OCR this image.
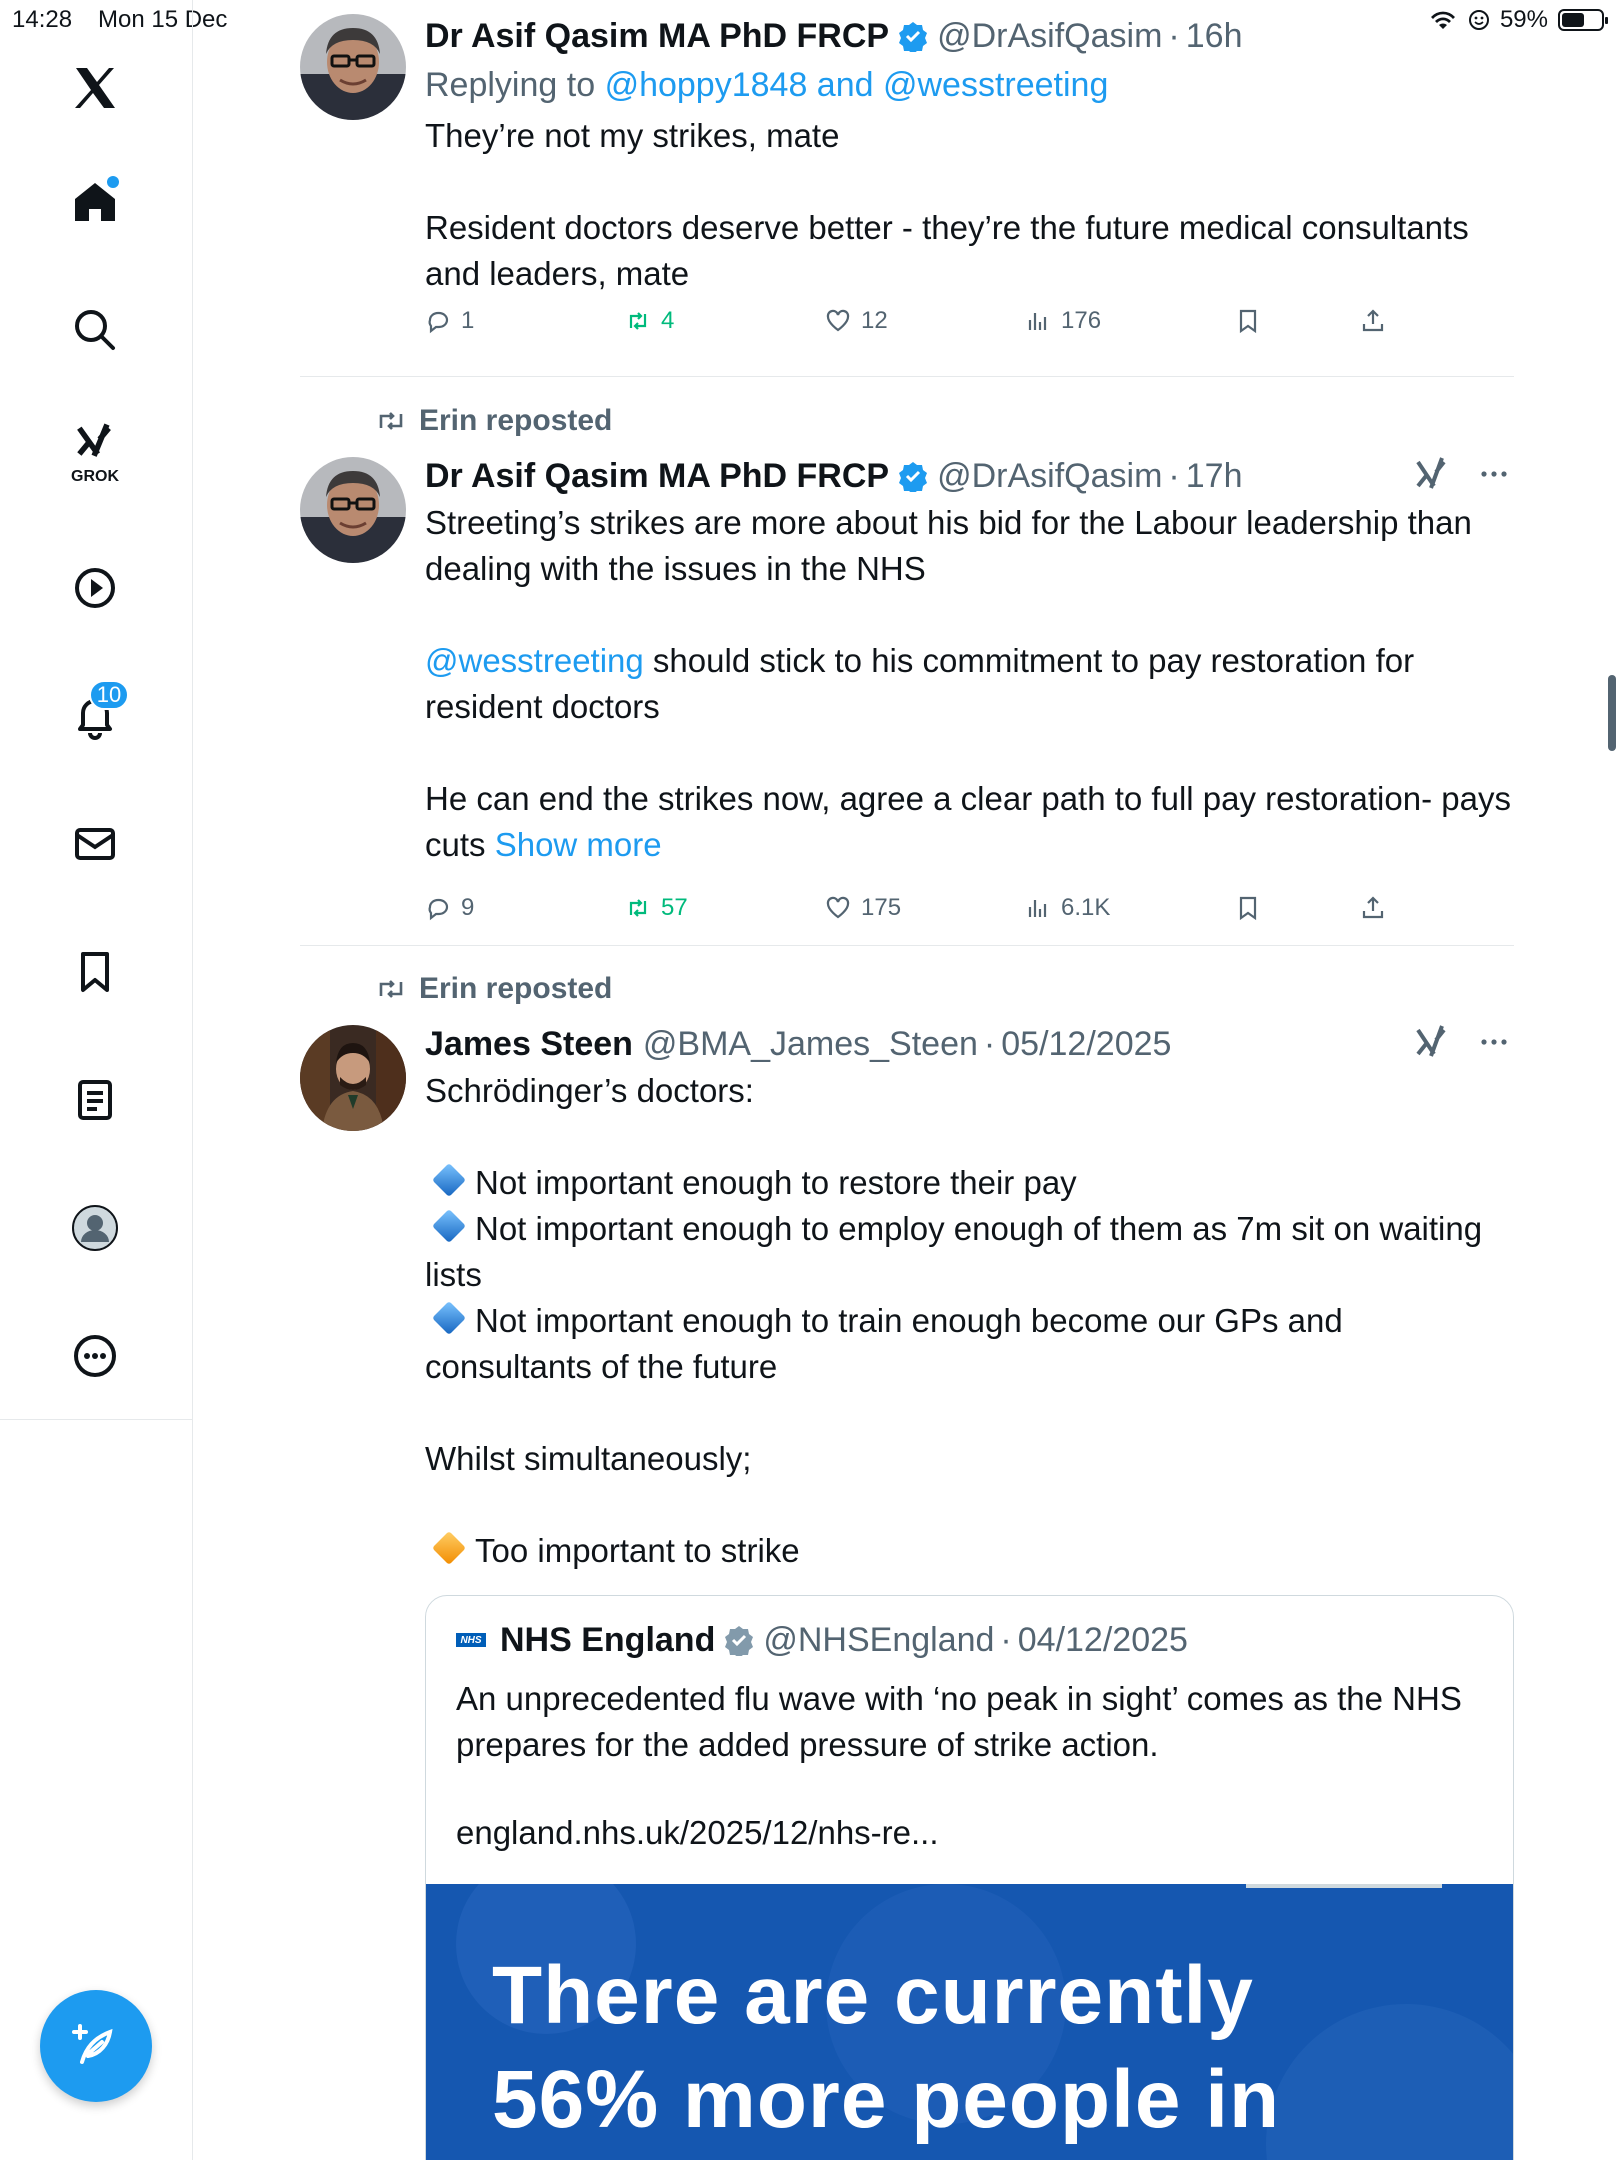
14:28 Mon 15 Dec	59%
GROK
10
Dr Asif Qasim MA PhD FRCP @DrAsifQasim · 16h
Replying to @hoppy1848 and @wesstreeting

They’re not my strikes, mate

Resident doctors deserve better - they’re the future medical consultants and leaders, mate

1	4	12	176
Erin reposted
Dr Asif Qasim MA PhD FRCP @DrAsifQasim · 17h

Streeting’s strikes are more about his bid for the Labour leadership than dealing with the issues in the NHS

@wesstreeting should stick to his commitment to pay restoration for resident doctors

He can end the strikes now, agree a clear path to full pay restoration- pays cuts Show more

9	57	175	6.1K
Erin reposted
James Steen @BMA_James_Steen · 05/12/2025

Schrödinger’s doctors:

Not important enough to restore their pay

Not important enough to employ enough of them as 7m sit on waiting lists

Not important enough to train enough become our GPs and consultants of the future

Whilst simultaneously;

Too important to strike

NHS NHS England @NHSEngland · 04/12/2025
An unprecedented flu wave with ‘no peak in sight’ comes as the NHS prepares for the added pressure of strike action.
england.nhs.uk/2025/12/nhs-re...
There are currently
56% more people in
